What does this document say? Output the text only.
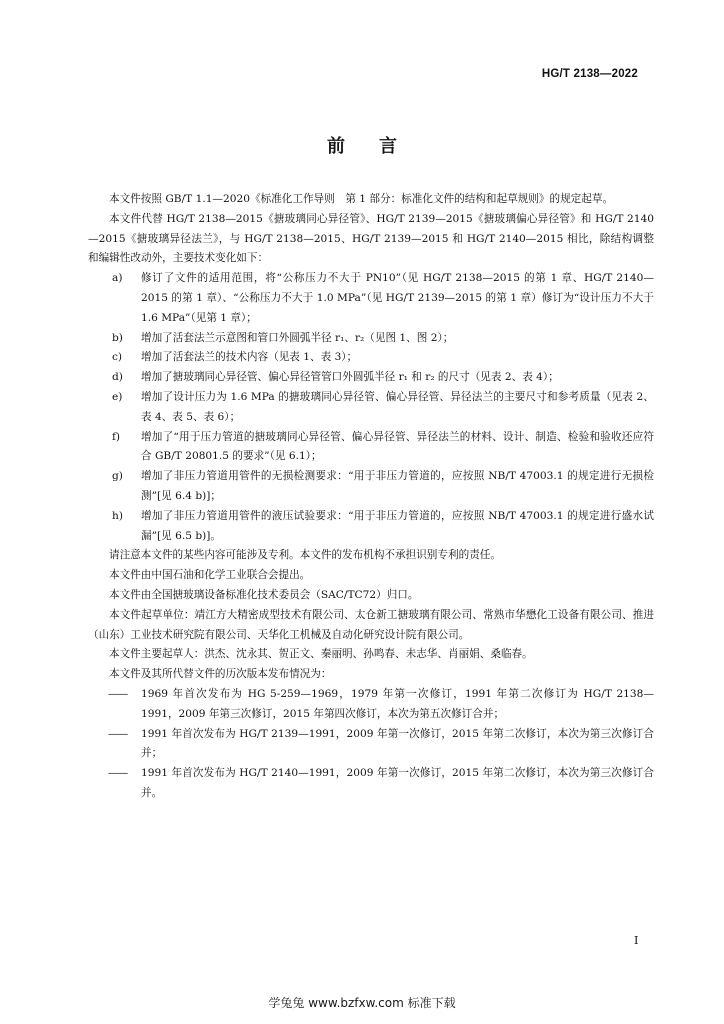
HG/T 2138—2022
前言

本文件按照 GB/T 1.1—2020《标准化工作导则　第 1 部分：标准化文件的结构和起草规则》的规定起草。

本文件代替 HG/T 2138—2015《搪玻璃同心异径管》、HG/T 2139—2015《搪玻璃偏心异径管》和 HG/T 2140—2015《搪玻璃异径法兰》，与 HG/T 2138—2015、HG/T 2139—2015 和 HG/T 2140—2015 相比，除结构调整和编辑性改动外，主要技术变化如下：

a) 修订了文件的适用范围，将“公称压力不大于 PN10”（见 HG/T 2138—2015 的第 1 章、HG/T 2140—2015 的第 1 章）、“公称压力不大于 1.0 MPa”（见 HG/T 2139—2015 的第 1 章）修订为“设计压力不大于 1.6 MPa”（见第 1 章）；

b) 增加了活套法兰示意图和管口外圆弧半径 r₁、r₂（见图 1、图 2）；

c) 增加了活套法兰的技术内容（见表 1、表 3）；

d) 增加了搪玻璃同心异径管、偏心异径管管口外圆弧半径 r₁ 和 r₂ 的尺寸（见表 2、表 4）；

e) 增加了设计压力为 1.6 MPa 的搪玻璃同心异径管、偏心异径管、异径法兰的主要尺寸和参考质量（见表 2、表 4、表 5、表 6）；

f) 增加了“用于压力管道的搪玻璃同心异径管、偏心异径管、异径法兰的材料、设计、制造、检验和验收还应符合 GB/T 20801.5 的要求”（见 6.1）；

g) 增加了非压力管道用管件的无损检测要求：“用于非压力管道的，应按照 NB/T 47003.1 的规定进行无损检测”[见 6.4 b)]；

h) 增加了非压力管道用管件的液压试验要求：“用于非压力管道的，应按照 NB/T 47003.1 的规定进行盛水试漏”[见 6.5 b)]。

请注意本文件的某些内容可能涉及专利。本文件的发布机构不承担识别专利的责任。

本文件由中国石油和化学工业联合会提出。

本文件由全国搪玻璃设备标准化技术委员会（SAC/TC72）归口。

本文件起草单位：靖江方大精密成型技术有限公司、太仓新工搪玻璃有限公司、常熟市华懋化工设备有限公司、推进（山东）工业技术研究院有限公司、天华化工机械及自动化研究设计院有限公司。

本文件主要起草人：洪杰、沈永其、贺正文、秦丽明、孙鸣春、未志华、肖丽娟、桑临春。

本文件及其所代替文件的历次版本发布情况为：

—— 1969 年首次发布为 HG 5-259—1969，1979 年第一次修订，1991 年第二次修订为 HG/T 2138—1991，2009 年第三次修订，2015 年第四次修订，本次为第五次修订合并；

—— 1991 年首次发布为 HG/T 2139—1991，2009 年第一次修订，2015 年第二次修订，本次为第三次修订合并；

—— 1991 年首次发布为 HG/T 2140—1991，2009 年第一次修订，2015 年第二次修订，本次为第三次修订合并。

Ⅰ
学兔兔 www.bzfxw.com 标准下载
